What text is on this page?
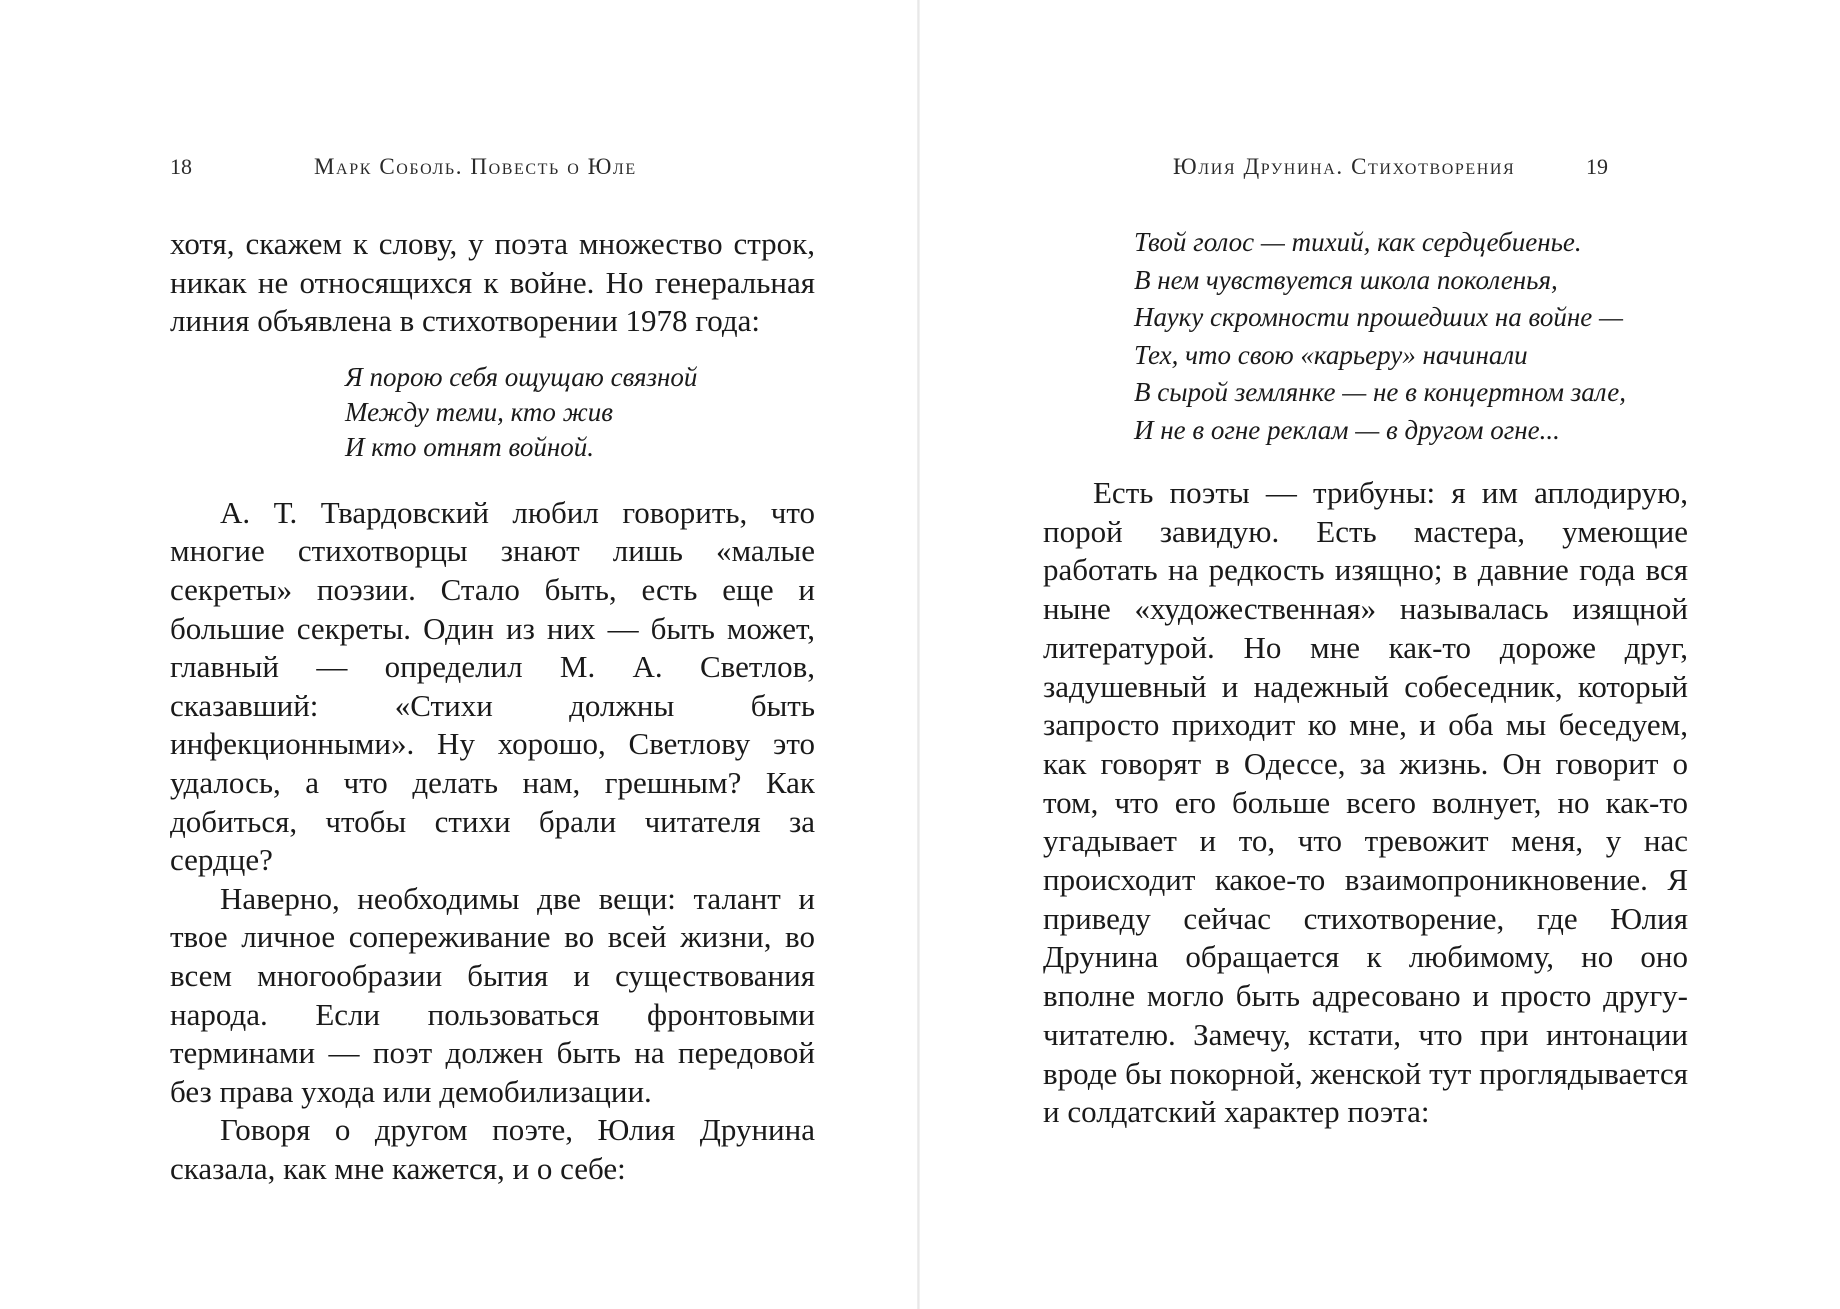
18	Марк Соболь. Повесть о Юле

хотя, скажем к слову, у поэта множество строк, никак не относящихся к войне. Но генеральная линия объявлена в стихотворении 1978 года:

Я порою себя ощущаю связной
Между теми, кто жив
И кто отнят войной.

А. Т. Твардовский любил говорить, что многие стихотворцы знают лишь «малые секреты» поэзии. Стало быть, есть еще и большие секреты. Один из них — быть может, главный — определил М. А. Светлов, сказавший: «Стихи должны быть инфекционными». Ну хорошо, Светлову это удалось, а что делать нам, грешным? Как добиться, чтобы стихи брали читателя за сердце?

Наверно, необходимы две вещи: талант и твое личное сопереживание во всей жизни, во всем многообразии бытия и существования народа. Если пользоваться фронтовыми терминами — поэт должен быть на передовой без права ухода или демобилизации.

Говоря о другом поэте, Юлия Друнина сказала, как мне кажется, и о себе:

Юлия Друнина. Стихотворения	19
Твой голос — тихий, как сердцебиенье.
В нем чувствуется школа поколенья,
Науку скромности прошедших на войне —
Тех, что свою «карьеру» начинали
В сырой землянке — не в концертном зале,
И не в огне реклам — в другом огне...

Есть поэты — трибуны: я им аплодирую, порой завидую. Есть мастера, умеющие работать на редкость изящно; в давние года вся ныне «художественная» называлась изящной литературой. Но мне как-то дороже друг, задушевный и надежный собеседник, который запросто приходит ко мне, и оба мы беседуем, как говорят в Одессе, за жизнь. Он говорит о том, что его больше всего волнует, но как-то угадывает и то, что тревожит меня, у нас происходит какое-то взаимопроникновение. Я приведу сейчас стихотворение, где Юлия Друнина обращается к любимому, но оно вполне могло быть адресовано и просто другу-читателю. Замечу, кстати, что при интонации вроде бы покорной, женской тут проглядывается и солдатский характер поэта:
